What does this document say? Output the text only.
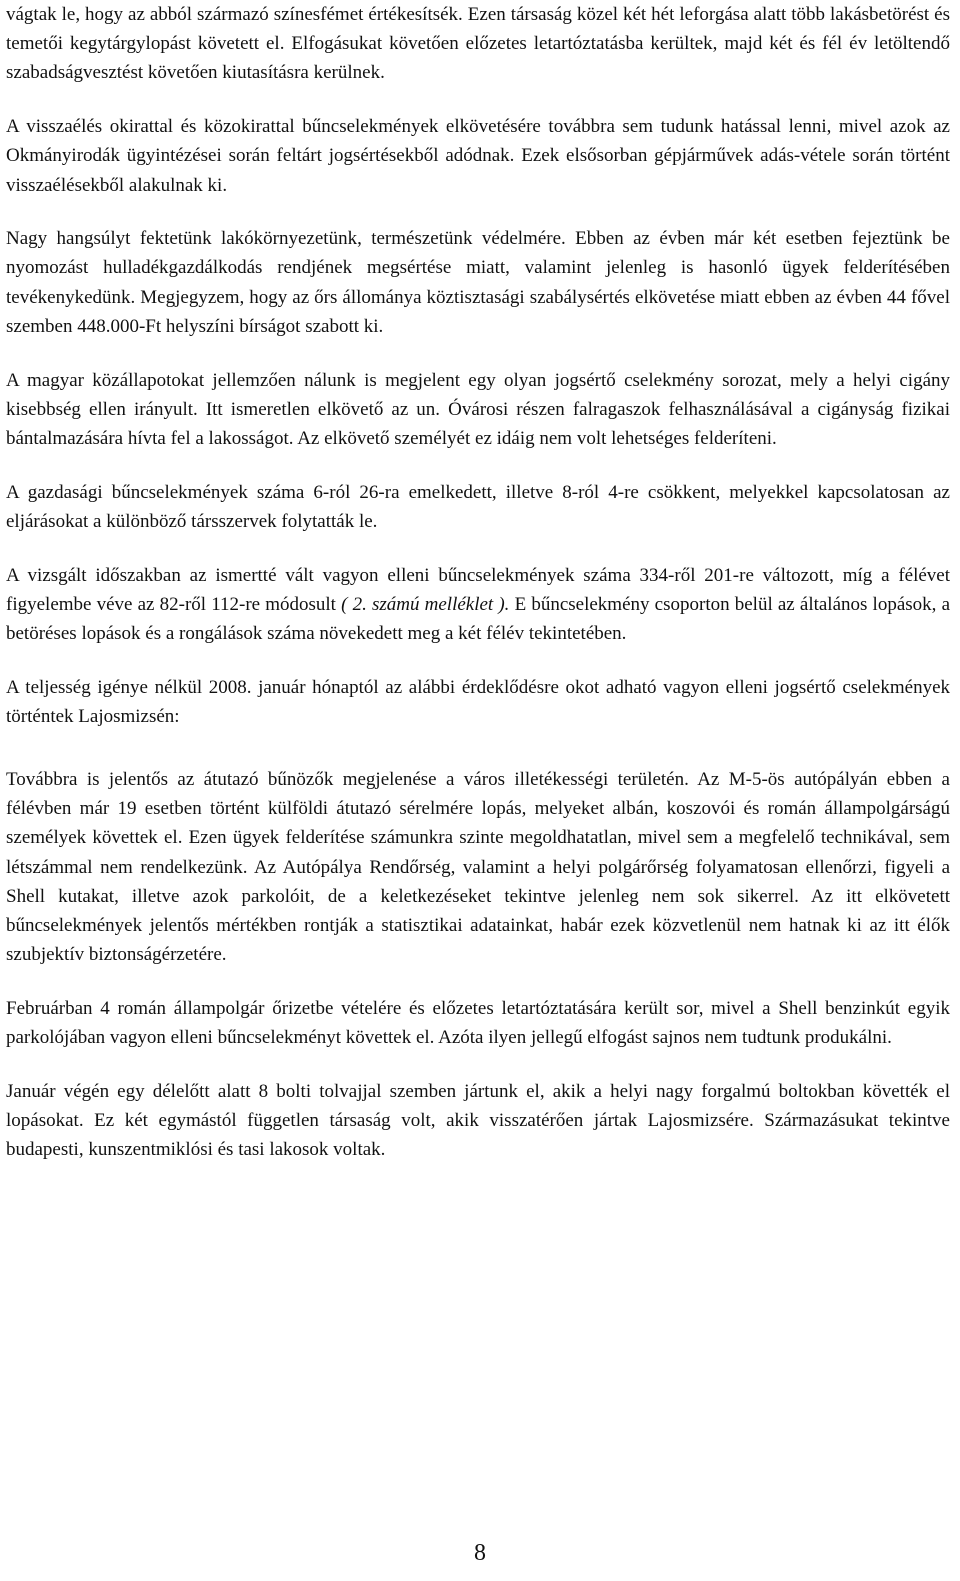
vágtak le, hogy az abból származó színesfémet értékesítsék. Ezen társaság közel két hét leforgása alatt több lakásbetörést és temetői kegytárgylopást követett el. Elfogásukat követően előzetes letartóztatásba kerültek, majd két és fél év letöltendő szabadságvesztést követően kiutasításra kerülnek.

A visszaélés okirattal és közokirattal bűncselekmények elkövetésére továbbra sem tudunk hatással lenni, mivel azok az Okmányirodák ügyintézései során feltárt jogsértésekből adódnak. Ezek elsősorban gépjárművek adás-vétele során történt visszaélésekből alakulnak ki.

Nagy hangsúlyt fektetünk lakókörnyezetünk, természetünk védelmére. Ebben az évben már két esetben fejeztünk be nyomozást hulladékgazdálkodás rendjének megsértése miatt, valamint jelenleg is hasonló ügyek felderítésében tevékenykedünk. Megjegyzem, hogy az őrs állománya köztisztasági szabálysértés elkövetése miatt ebben az évben 44 fővel szemben 448.000-Ft helyszíni bírságot szabott ki.

A magyar közállapotokat jellemzően nálunk is megjelent egy olyan jogsértő cselekmény sorozat, mely a helyi cigány kisebbség ellen irányult. Itt ismeretlen elkövető az un. Óvárosi részen falragaszok felhasználásával a cigányság fizikai bántalmazására hívta fel a lakosságot. Az elkövető személyét ez idáig nem volt lehetséges felderíteni.

A gazdasági bűncselekmények száma 6-ról 26-ra emelkedett, illetve 8-ról 4-re csökkent, melyekkel kapcsolatosan az eljárásokat a különböző társszervek folytatták le.

A vizsgált időszakban az ismertté vált vagyon elleni bűncselekmények száma 334-ről 201-re változott, míg a félévet figyelembe véve az 82-ről 112-re módosult ( 2. számú melléklet ). E bűncselekmény csoporton belül az általános lopások, a betöréses lopások és a rongálások száma növekedett meg a két félév tekintetében.

A teljesség igénye nélkül 2008. január hónaptól az alábbi érdeklődésre okot adható vagyon elleni jogsértő cselekmények történtek Lajosmizsén:

Továbbra is jelentős az átutazó bűnözők megjelenése a város illetékességi területén. Az M-5-ös autópályán ebben a félévben már 19 esetben történt külföldi átutazó sérelmére lopás, melyeket albán, koszovói és román állampolgárságú személyek követtek el. Ezen ügyek felderítése számunkra szinte megoldhatatlan, mivel sem a megfelelő technikával, sem létszámmal nem rendelkezünk. Az Autópálya Rendőrség, valamint a helyi polgárőrség folyamatosan ellenőrzi, figyeli a Shell kutakat, illetve azok parkolóit, de a keletkezéseket tekintve jelenleg nem sok sikerrel. Az itt elkövetett bűncselekmények jelentős mértékben rontják a statisztikai adatainkat, habár ezek közvetlenül nem hatnak ki az itt élők szubjektív biztonságérzetére.

Februárban 4 román állampolgár őrizetbe vételére és előzetes letartóztatására került sor, mivel a Shell benzinkút egyik parkolójában vagyon elleni bűncselekményt követtek el. Azóta ilyen jellegű elfogást sajnos nem tudtunk produkálni.

Január végén egy délelőtt alatt 8 bolti tolvajjal szemben jártunk el, akik a helyi nagy forgalmú boltokban követték el lopásokat. Ez két egymástól független társaság volt, akik visszatérően jártak Lajosmizsére. Származásukat tekintve budapesti, kunszentmiklósi és tasi lakosok voltak.

8
